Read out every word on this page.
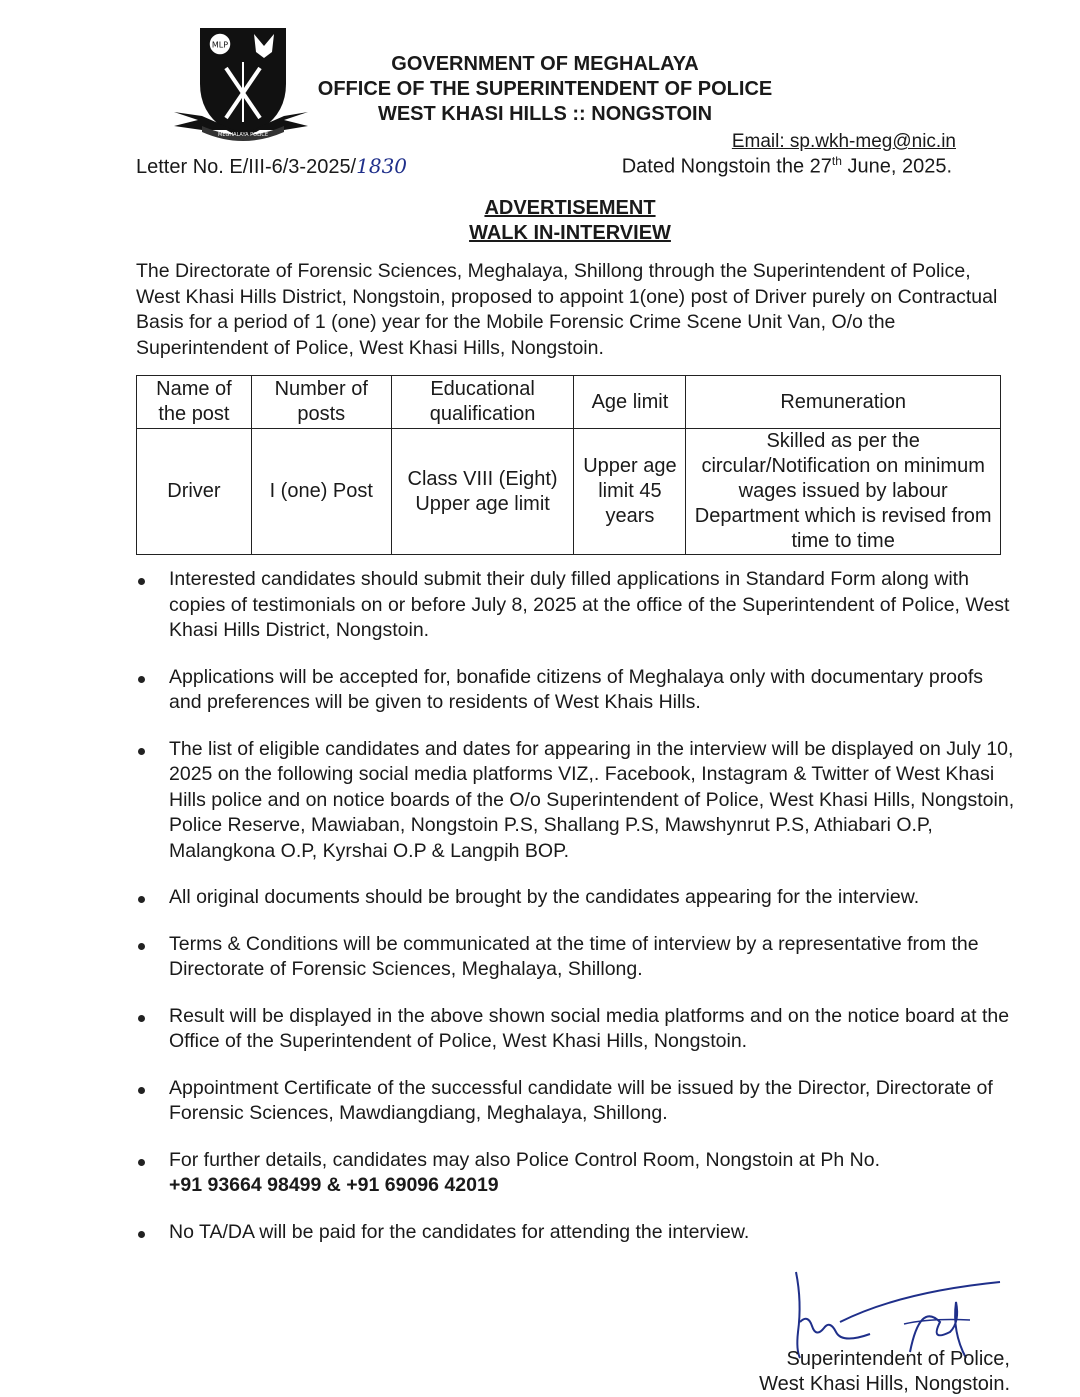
MLP
MEGHALAYA POLICE
GOVERNMENT OF MEGHALAYA
OFFICE OF THE SUPERINTENDENT OF POLICE
WEST KHASI HILLS :: NONGSTOIN
Email: sp.wkh-meg@nic.in
Letter No. E/III-6/3-2025/1830	Dated Nongstoin the 27th June, 2025.
ADVERTISEMENT
WALK IN-INTERVIEW
The Directorate of Forensic Sciences, Meghalaya, Shillong through the Superintendent of Police, West Khasi Hills District, Nongstoin, proposed to appoint 1(one) post of Driver purely on Contractual Basis for a period of 1 (one) year for the Mobile Forensic Crime Scene Unit Van, O/o the Superintendent of Police, West Khasi Hills, Nongstoin.
Name of the post	Number of posts	Educational qualification	Age limit	Remuneration
Driver	I (one) Post	Class VIII (Eight) Upper age limit	Upper age limit 45 years	Skilled as per the circular/Notification on minimum wages issued by labour Department which is revised from time to time
Interested candidates should submit their duly filled applications in Standard Form along with copies of testimonials on or before July 8, 2025 at the office of the Superintendent of Police, West Khasi Hills District, Nongstoin.
Applications will be accepted for, bonafide citizens of Meghalaya only with documentary proofs and preferences will be given to residents of West Khais Hills.
The list of eligible candidates and dates for appearing in the interview will be displayed on July 10, 2025 on the following social media platforms VIZ,. Facebook, Instagram & Twitter of West Khasi Hills police and on notice boards of the O/o Superintendent of Police, West Khasi Hills, Nongstoin, Police Reserve, Mawiaban, Nongstoin P.S, Shallang P.S, Mawshynrut P.S, Athiabari O.P, Malangkona O.P, Kyrshai O.P & Langpih BOP.
All original documents should be brought by the candidates appearing for the interview.
Terms & Conditions will be communicated at the time of interview by a representative from the Directorate of Forensic Sciences, Meghalaya, Shillong.
Result will be displayed in the above shown social media platforms and on the notice board at the Office of the Superintendent of Police, West Khasi Hills, Nongstoin.
Appointment Certificate of the successful candidate will be issued by the Director, Directorate of Forensic Sciences, Mawdiangdiang, Meghalaya, Shillong.
For further details, candidates may also Police Control Room, Nongstoin at Ph No.
+91 93664 98499 & +91 69096 42019
No TA/DA will be paid for the candidates for attending the interview.
Superintendent of Police,
West Khasi Hills, Nongstoin.
